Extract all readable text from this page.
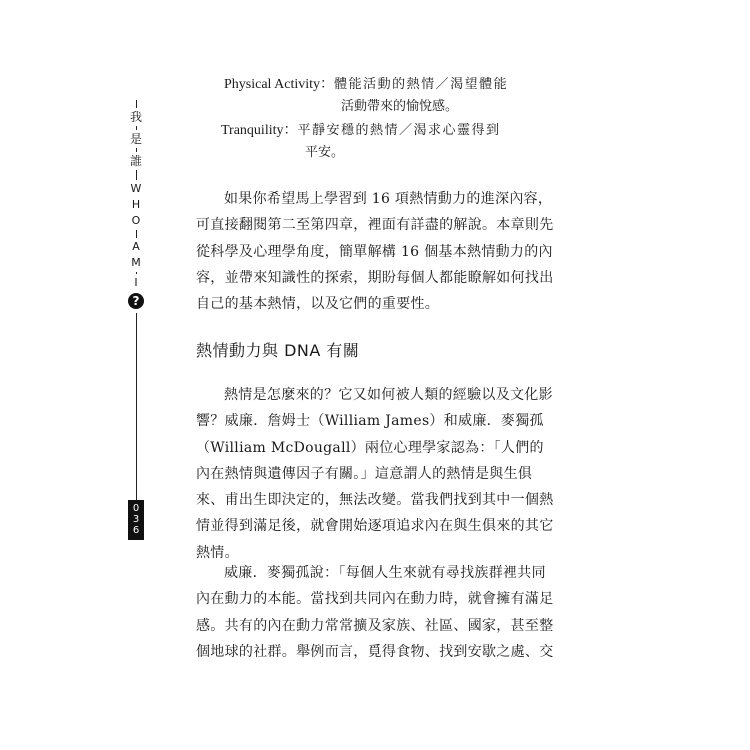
我
是
誰
W
H
O
A
M
I
?
0
3
6
Physical Activity：體能活動的熱情／渴望體能
活動帶來的愉悅感。
Tranquility：平靜安穩的熱情／渴求心靈得到
平安。

如果你希望馬上學習到 16 項熱情動力的進深內容，可直接翻閱第二至第四章，裡面有詳盡的解說。本章則先從科學及心理學角度，簡單解構 16 個基本熱情動力的內容，並帶來知識性的探索，期盼每個人都能瞭解如何找出自己的基本熱情，以及它們的重要性。

熱情動力與 DNA 有關

熱情是怎麼來的？它又如何被人類的經驗以及文化影響？威廉．詹姆士（William James）和威廉．麥獨孤（William McDougall）兩位心理學家認為：「人們的內在熱情與遺傳因子有關。」這意謂人的熱情是與生俱來、甫出生即決定的，無法改變。當我們找到其中一個熱情並得到滿足後，就會開始逐項追求內在與生俱來的其它熱情。

威廉．麥獨孤說：「每個人生來就有尋找族群裡共同內在動力的本能。當找到共同內在動力時，就會擁有滿足感。共有的內在動力常常擴及家族、社區、國家，甚至整個地球的社群。舉例而言，覓得食物、找到安歇之處、交
